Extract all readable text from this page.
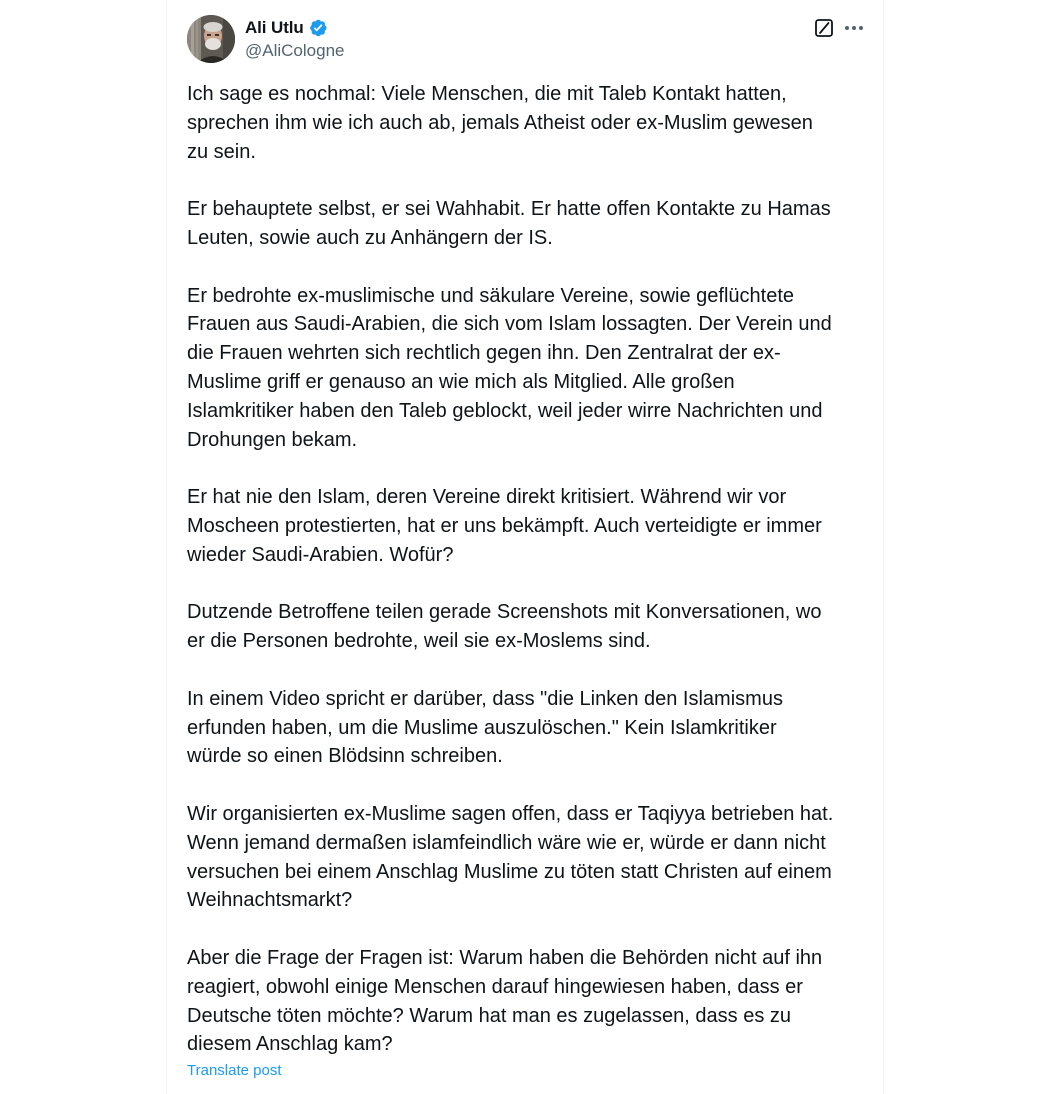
Ali Utlu
@AliCologne

Ich sage es nochmal: Viele Menschen, die mit Taleb Kontakt hatten,
sprechen ihm wie ich auch ab, jemals Atheist oder ex-Muslim gewesen
zu sein.

Er behauptete selbst, er sei Wahhabit. Er hatte offen Kontakte zu Hamas
Leuten, sowie auch zu Anhängern der IS.

Er bedrohte ex-muslimische und säkulare Vereine, sowie geflüchtete
Frauen aus Saudi-Arabien, die sich vom Islam lossagten. Der Verein und
die Frauen wehrten sich rechtlich gegen ihn. Den Zentralrat der ex-
Muslime griff er genauso an wie mich als Mitglied. Alle großen
Islamkritiker haben den Taleb geblockt, weil jeder wirre Nachrichten und
Drohungen bekam.

Er hat nie den Islam, deren Vereine direkt kritisiert. Während wir vor
Moscheen protestierten, hat er uns bekämpft. Auch verteidigte er immer
wieder Saudi-Arabien. Wofür?

Dutzende Betroffene teilen gerade Screenshots mit Konversationen, wo
er die Personen bedrohte, weil sie ex-Moslems sind.

In einem Video spricht er darüber, dass "die Linken den Islamismus
erfunden haben, um die Muslime auszulöschen." Kein Islamkritiker
würde so einen Blödsinn schreiben.

Wir organisierten ex-Muslime sagen offen, dass er Taqiyya betrieben hat.
Wenn jemand dermaßen islamfeindlich wäre wie er, würde er dann nicht
versuchen bei einem Anschlag Muslime zu töten statt Christen auf einem
Weihnachtsmarkt?

Aber die Frage der Fragen ist: Warum haben die Behörden nicht auf ihn
reagiert, obwohl einige Menschen darauf hingewiesen haben, dass er
Deutsche töten möchte? Warum hat man es zugelassen, dass es zu
diesem Anschlag kam?

Translate post
